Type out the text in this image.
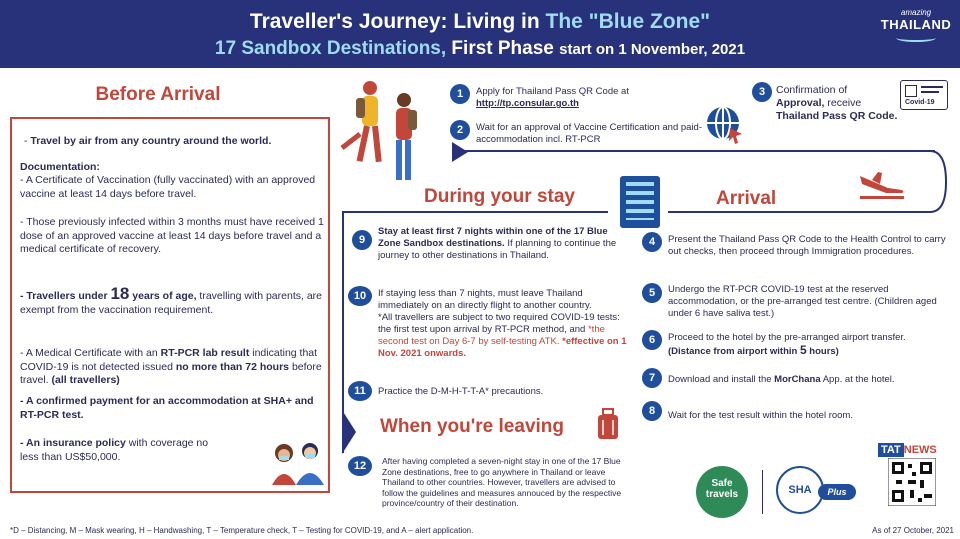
Traveller's Journey: Living in The "Blue Zone"
17 Sandbox Destinations, First Phase start on 1 November, 2021
amazing
THAILAND
Before Arrival
- Travel by air from any country around the world.
Documentation:
- A Certificate of Vaccination (fully vaccinated) with an approved vaccine at least 14 days before travel.
- Those previously infected within 3 months must have received 1 dose of an approved vaccine at least 14 days before travel and a medical certificate of recovery.
- Travellers under 18 years of age, travelling with parents, are exempt from the vaccination requirement.
- A Medical Certificate with an RT-PCR lab result indicating that COVID-19 is not detected issued no more than 72 hours before travel. (all travellers)
- A confirmed payment for an accommodation at SHA+ and RT-PCR test.
- An insurance policy with coverage no less than US$50,000.
1	Apply for Thailand Pass QR Code at
http://tp.consular.go.th
2	Wait for an approval of Vaccine Certification and paid-accommodation incl. RT-PCR
3	Confirmation of
Approval, receive
Thailand Pass QR Code.
Covid-19
During your stay	Arrival
9
Stay at least first 7 nights within one of the 17 Blue Zone Sandbox destinations. If planning to continue the journey to other destinations in Thailand.
10	If staying less than 7 nights, must leave Thailand immediately on an directly flight to another country.
*All travellers are subject to two required COVID-19 tests: the first test upon arrival by RT-PCR method, and *the second test on Day 6-7 by self-testing ATK. *effective on 1 Nov. 2021 onwards.
11	Practice the D-M-H-T-T-A* precautions.
When you're leaving
12	After having completed a seven-night stay in one of the 17 Blue Zone destinations, free to go anywhere in Thailand or leave Thailand to other countries. However, travellers are advised to follow the guidelines and measures annouced by the respective province/country of their destination.
4	Present the Thailand Pass QR Code to the Health Control to carry out checks, then proceed through Immigration procedures.
5	Undergo the RT-PCR COVID-19 test at the reserved accommodation, or the pre-arranged test centre. (Children aged under 6 have saliva test.)
6	Proceed to the hotel by the pre-arranged airport transfer. (Distance from airport within 5 hours)
7	Download and install the MorChana App. at the hotel.
8	Wait for the test result within the hotel room.
Safe
travels	SHA	Plus
TAT NEWS
*D – Distancing, M – Mask wearing, H – Handwashing, T – Temperature check, T – Testing for COVID-19, and A – alert application.	As of 27 October, 2021
